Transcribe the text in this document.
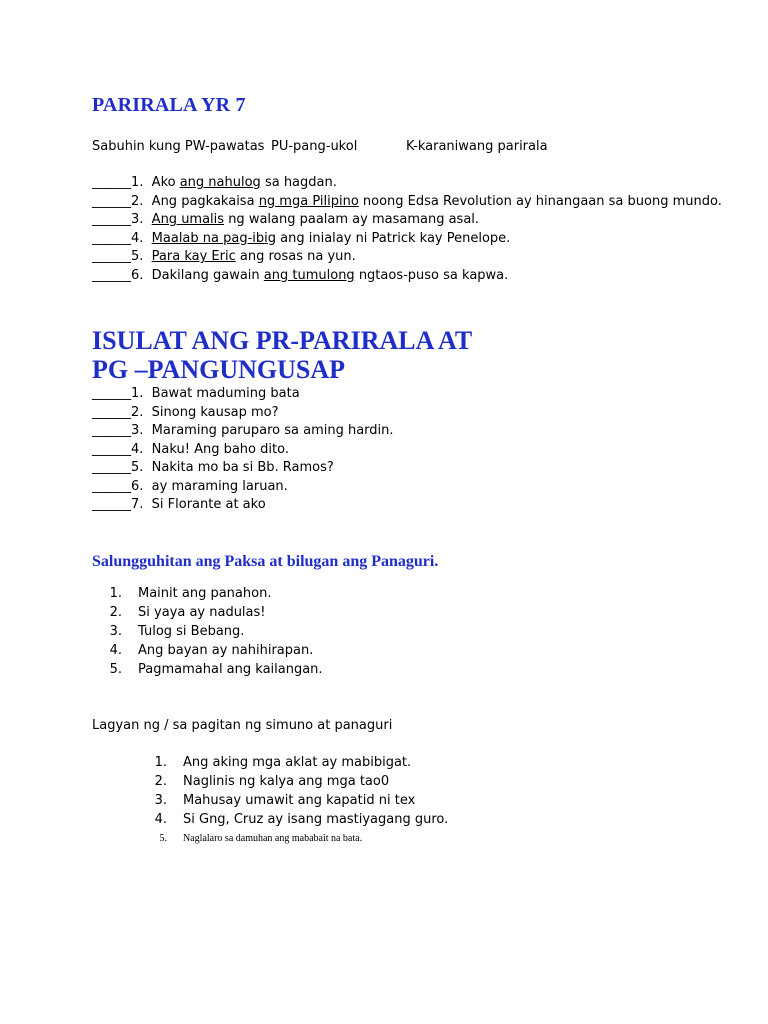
PARIRALA YR 7
Sabuhin kung PW-pawatas PU-pang-ukol	K-karaniwang parirala
______1. Ako ang nahulog sa hagdan.
______2. Ang pagkakaisa ng mga Pilipino noong Edsa Revolution ay hinangaan sa buong mundo.
______3. Ang umalis ng walang paalam ay masamang asal.
______4. Maalab na pag-ibig ang inialay ni Patrick kay Penelope.
______5. Para kay Eric ang rosas na yun.
______6. Dakilang gawain ang tumulong ngtaos-puso sa kapwa.
ISULAT ANG PR-PARIRALA AT
PG –PANGUNGUSAP
______1. Bawat maduming bata
______2. Sinong kausap mo?
______3. Maraming paruparo sa aming hardin.
______4. Naku! Ang baho dito.
______5. Nakita mo ba si Bb. Ramos?
______6. ay maraming laruan.
______7. Si Florante at ako
Salungguhitan ang Paksa at bilugan ang Panaguri.
1. Mainit ang panahon.
2. Si yaya ay nadulas!
3. Tulog si Bebang.
4. Ang bayan ay nahihirapan.
5. Pagmamahal ang kailangan.
Lagyan ng / sa pagitan ng simuno at panaguri
1. Ang aking mga aklat ay mabibigat.
2. Naglinis ng kalya ang mga tao0
3. Mahusay umawit ang kapatid ni tex
4. Si Gng, Cruz ay isang mastiyagang guro.
5. Naglalaro sa damuhan ang mababait na bata.
